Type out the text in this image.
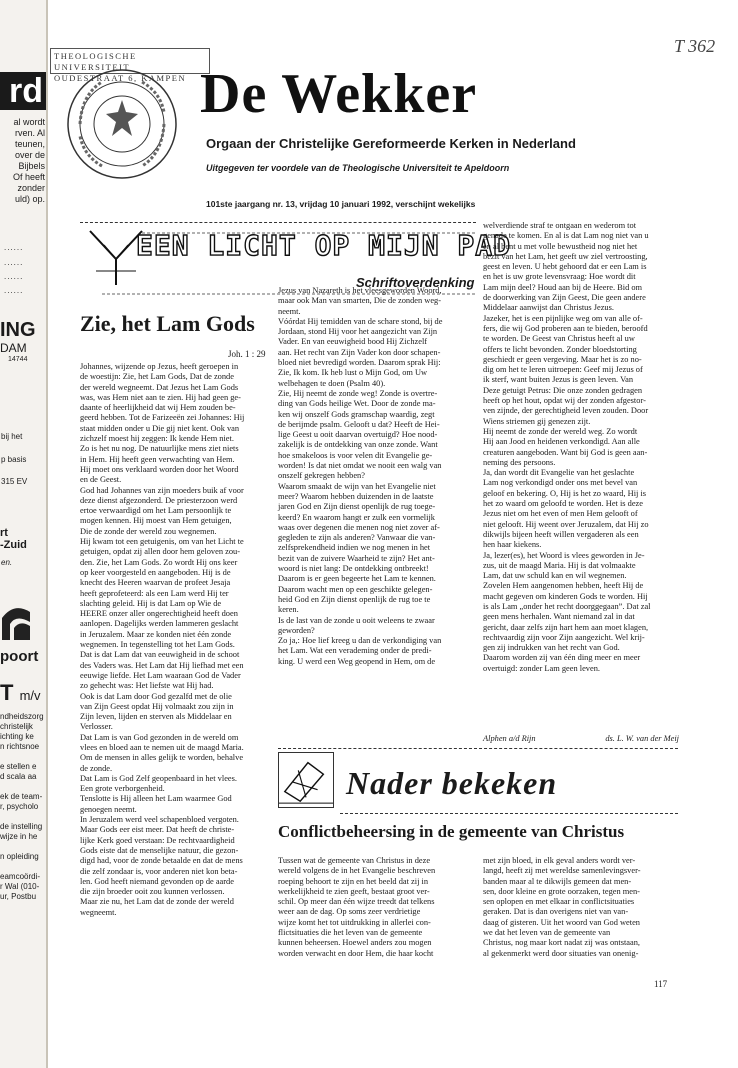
rd
al wordt
rven. Al
teunen,
over de
Bijbels
Of heeft
zonder
uld) op.
......
......
......
......
ING
DAM
14744
bij het
p basis
315 EV
rt
-Zuid
en.
poort
T m/v
ndheidszorg
christelijk
ichting ke
n richtsnoe

e stellen e
d scala aa

ek de team-
r, psycholo

de instelling
wijze in he

n opleiding

eamcoördi-
r Wal (010-
ur, Postbu
THEOLOGISCHE UNIVERSITEIT
OUDESTRAAT 6, KAMPEN
T 362
De Wekker
Orgaan der Christelijke Gereformeerde Kerken in Nederland
Uitgegeven ter voordele van de Theologische Universiteit te Apeldoorn
101ste jaargang nr. 13, vrijdag 10 januari 1992, verschijnt wekelijks
EEN LICHT OP MIJN PAD
Schriftoverdenking
Zie, het Lam Gods
Joh. 1 : 29

Johannes, wijzende op Jezus, heeft geroepen in

de woestijn: Zie, het Lam Gods, Dat de zonde

der wereld wegneemt. Dat Jezus het Lam Gods

was, was Hem niet aan te zien. Hij had geen ge-

daante of heerlijkheid dat wij Hem zouden be-

geerd hebben. Tot de Farizeeën zei Johannes: Hij

staat midden onder u Die gij niet kent. Ook van

zichzelf moest hij zeggen: Ik kende Hem niet.

Zo is het nu nog. De natuurlijke mens ziet niets

in Hem. Hij heeft geen verwachting van Hem.

Hij moet ons verklaard worden door het Woord

en de Geest.

God had Johannes van zijn moeders buik af voor

deze dienst afgezonderd. De priesterzoon werd

ertoe verwaardigd om het Lam persoonlijk te

mogen kennen. Hij moest van Hem getuigen,

Die de zonde der wereld zou wegnemen.

Hij kwam tot een getuigenis, om van het Licht te

getuigen, opdat zij allen door hem geloven zou-

den. Zie, het Lam Gods. Zo wordt Hij ons keer

op keer voorgesteld en aangeboden. Hij is de

knecht des Heeren waarvan de profeet Jesaja

heeft geprofeteerd: als een Lam werd Hij ter

slachting geleid. Hij is dat Lam op Wie de

HEERE onzer aller ongerechtigheid heeft doen

aanlopen. Dagelijks werden lammeren geslacht

in Jeruzalem. Maar ze konden niet één zonde

wegnemen. In tegenstelling tot het Lam Gods.

Dat is dat Lam dat van eeuwigheid in de schoot

des Vaders was. Het Lam dat Hij liefhad met een

eeuwige liefde. Het Lam waaraan God de Vader

zo gehecht was: Het liefste wat Hij had.

Ook is dat Lam door God gezalfd met de olie

van Zijn Geest opdat Hij volmaakt zou zijn in

Zijn leven, lijden en sterven als Middelaar en

Verlosser.

Dat Lam is van God gezonden in de wereld om

vlees en bloed aan te nemen uit de maagd Maria.

Om de mensen in alles gelijk te worden, behalve

de zonde.

Dat Lam is God Zelf geopenbaard in het vlees.

Een grote verborgenheid.

Tenslotte is Hij alleen het Lam waarmee God

genoegen neemt.

In Jeruzalem werd veel schapenbloed vergoten.

Maar Gods eer eist meer. Dat heeft de christe-

lijke Kerk goed verstaan: De rechtvaardigheid

Gods eiste dat de menselijke natuur, die gezon-

digd had, voor de zonde betaalde en dat de mens

die zelf zondaar is, voor anderen niet kon beta-

len. God heeft niemand gevonden op de aarde

die zijn broeder ooit zou kunnen verlossen.

Maar zie nu, het Lam dat de zonde der wereld

wegneemt.

Jezus van Nazareth is het vleesgeworden Woord,

maar ook Man van smarten, Die de zonden weg-

neemt.

Vóórdat Hij temidden van de schare stond, bij de

Jordaan, stond Hij voor het aangezicht van Zijn

Vader. En van eeuwigheid bood Hij Zichzelf

aan. Het recht van Zijn Vader kon door schapen-

bloed niet bevredigd worden. Daarom sprak Hij:

Zie, Ik kom. Ik heb lust o Mijn God, om Uw

welbehagen te doen (Psalm 40).

Zie, Hij neemt de zonde weg! Zonde is overtre-

ding van Gods heilige Wet. Door de zonde ma-

ken wij onszelf Gods gramschap waardig, zegt

de berijmde psalm. Gelooft u dat? Heeft de Hei-

lige Geest u ooit daarvan overtuigd? Hoe nood-

zakelijk is de ontdekking van onze zonde. Want

hoe smakeloos is voor velen dit Evangelie ge-

worden! Is dat niet omdat we nooit een walg van

onszelf gekregen hebben?

Waarom smaakt de wijn van het Evangelie niet

meer? Waarom hebben duizenden in de laatste

jaren God en Zijn dienst openlijk de rug toege-

keerd? En waarom hangt er zulk een vormelijk

waas over degenen die menen nog niet zover af-

gegleden te zijn als anderen? Vanwaar die van-

zelfsprekendheid indien we nog menen in het

bezit van de zuivere Waarheid te zijn? Het ant-

woord is niet lang: De ontdekking ontbreekt!

Daarom is er geen begeerte het Lam te kennen.

Daarom wacht men op een geschikte gelegen-

heid God en Zijn dienst openlijk de rug toe te

keren.

Is de last van de zonde u ooit weleens te zwaar

geworden?

Zo ja,: Hoe lief kreeg u dan de verkondiging van

het Lam. Wat een verademing onder de predi-

king. U werd een Weg geopend in Hem, om de

welverdiende straf te ontgaan en wederom tot

genade te komen. En al is dat Lam nog niet van u

en al bent u met volle bewustheid nog niet het

bezit van het Lam, het geeft uw ziel vertroosting,

geest en leven. U hebt gehoord dat er een Lam is

en het is uw grote levensvraag: Hoe wordt dit

Lam mijn deel? Houd aan bij de Heere. Bid om

de doorwerking van Zijn Geest, Die geen andere

Middelaar aanwijst dan Christus Jezus.

Jazeker, het is een pijnlijke weg om van alle of-

fers, die wij God proberen aan te bieden, beroofd

te worden. De Geest van Christus heeft al uw

offers te licht bevonden. Zonder bloedstorting

geschiedt er geen vergeving. Maar het is zo no-

dig om het te leren uitroepen: Geef mij Jezus of

ik sterf, want buiten Jezus is geen leven. Van

Deze getuigt Petrus: Die onze zonden gedragen

heeft op het hout, opdat wij der zonden afgestor-

ven zijnde, der gerechtigheid leven zouden. Door

Wiens striemen gij genezen zijt.

Hij neemt de zonde der wereld weg. Zo wordt

Hij aan Jood en heidenen verkondigd. Aan alle

creaturen aangeboden. Want bij God is geen aan-

neming des persoons.

Ja, dan wordt dit Evangelie van het geslachte

Lam nog verkondigd onder ons met bevel van

geloof en bekering. O, Hij is het zo waard, Hij is

het zo waard om geloofd te worden. Het is deze

Jezus niet om het even of men Hem gelooft of

niet gelooft. Hij weent over Jeruzalem, dat Hij zo

dikwijls bijeen heeft willen vergaderen als een

hen haar kiekens.

Ja, lezer(es), het Woord is vlees geworden in Je-

zus, uit de maagd Maria. Hij is dat volmaakte

Lam, dat uw schuld kan en wil wegnemen.

Zovelen Hem aangenomen hebben, heeft Hij de

macht gegeven om kinderen Gods te worden. Hij

is als Lam „onder het recht doorggegaan”. Dat zal

geen mens herhalen. Want niemand zal in dat

gericht, daar zelfs zijn hart hem aan moet klagen,

rechtvaardig zijn voor Zijn aangezicht. Wel krij-

gen zij indrukken van het recht van God.

Daarom worden zij van één ding meer en meer

overtuigd: zonder Lam geen leven.

Alphen a/d Rijn	ds. L. W. van der Meij
Nader bekeken
Conflictbeheersing in de gemeente van Christus

Tussen wat de gemeente van Christus in deze

wereld volgens de in het Evangelie beschreven

roeping behoort te zijn en het beeld dat zij in

werkelijkheid te zien geeft, bestaat groot ver-

schil. Op meer dan één wijze treedt dat telkens

weer aan de dag. Op soms zeer verdrietige

wijze komt het tot uitdrukking in allerlei con-

flictsituaties die het leven van de gemeente

kunnen beheersen. Hoewel anders zou mogen

worden verwacht en door Hem, die haar kocht

met zijn bloed, in elk geval anders wordt ver-

langd, heeft zij met wereldse samenlevingsver-

banden maar al te dikwijls gemeen dat men-

sen, door kleine en grote oorzaken, tegen men-

sen oplopen en met elkaar in conflictsituaties

geraken. Dat is dan overigens niet van van-

daag of gisteren. Uit het woord van God weten

we dat het leven van de gemeente van

Christus, nog maar kort nadat zij was ontstaan,

al gekenmerkt werd door situaties van onenig-

117
